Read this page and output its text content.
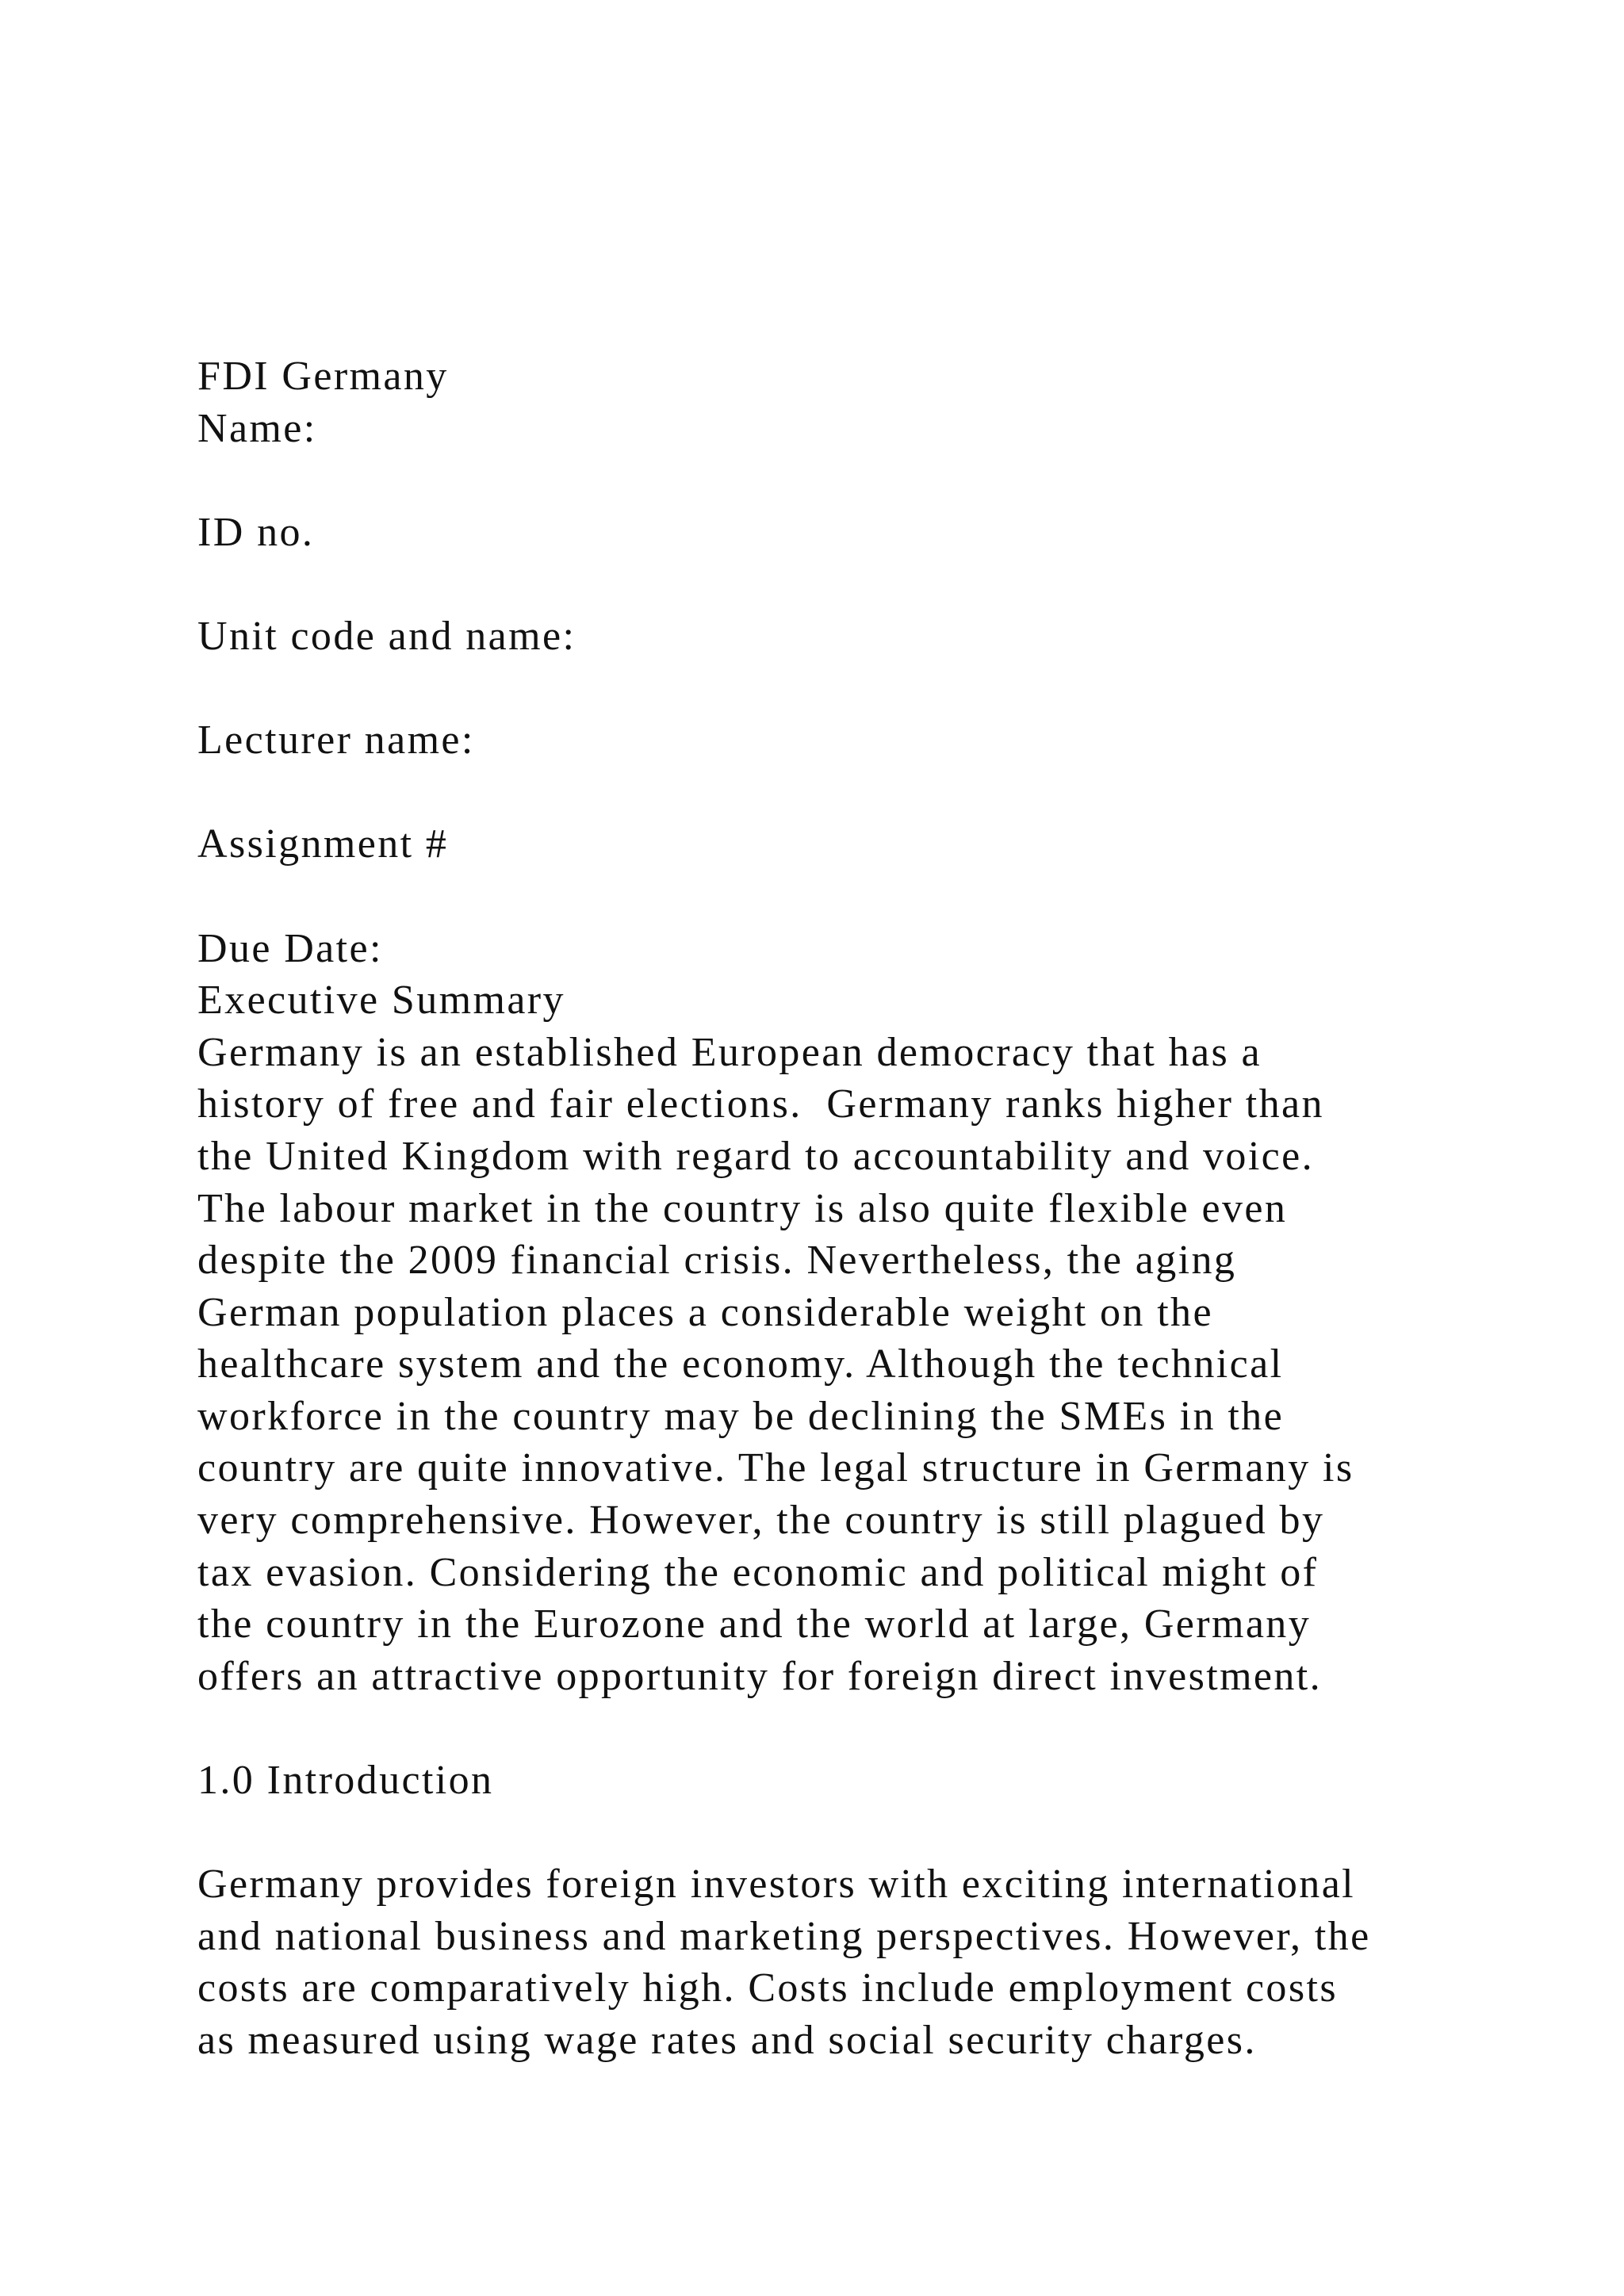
FDI Germany
Name:
ID no.
Unit code and name:
Lecturer name:
Assignment #
Due Date:
Executive Summary
Germany is an established European democracy that has a
history of free and fair elections.  Germany ranks higher than
the United Kingdom with regard to accountability and voice.
The labour market in the country is also quite flexible even
despite the 2009 financial crisis. Nevertheless, the aging
German population places a considerable weight on the
healthcare system and the economy. Although the technical
workforce in the country may be declining the SMEs in the
country are quite innovative. The legal structure in Germany is
very comprehensive. However, the country is still plagued by
tax evasion. Considering the economic and political might of
the country in the Eurozone and the world at large, Germany
offers an attractive opportunity for foreign direct investment.
1.0 Introduction
Germany provides foreign investors with exciting international
and national business and marketing perspectives. However, the
costs are comparatively high. Costs include employment costs
as measured using wage rates and social security charges.
